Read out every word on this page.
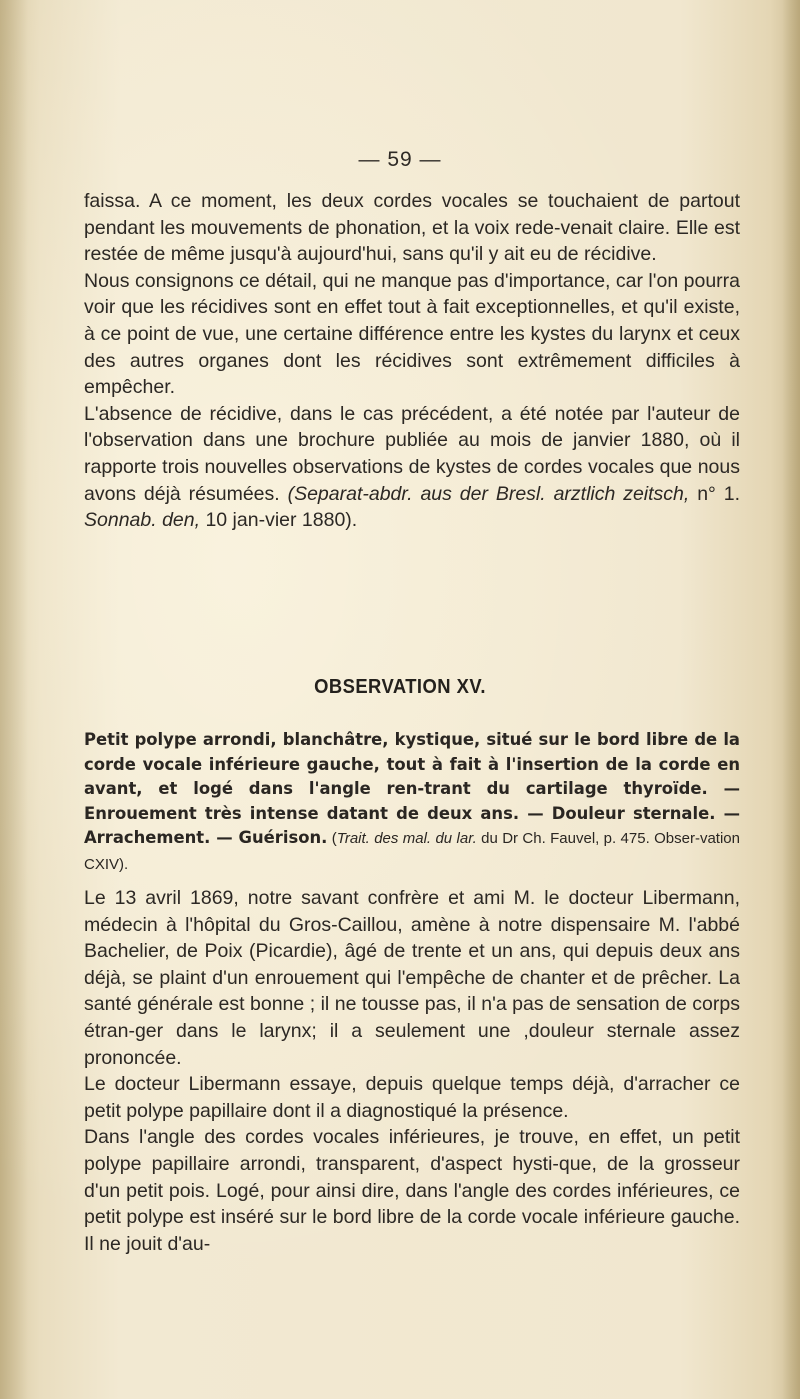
— 59 —

faissa. A ce moment, les deux cordes vocales se touchaient de partout pendant les mouvements de phonation, et la voix rede-venait claire. Elle est restée de même jusqu'à aujourd'hui, sans qu'il y ait eu de récidive.

Nous consignons ce détail, qui ne manque pas d'importance, car l'on pourra voir que les récidives sont en effet tout à fait exceptionnelles, et qu'il existe, à ce point de vue, une certaine différence entre les kystes du larynx et ceux des autres organes dont les récidives sont extrêmement difficiles à empêcher.

L'absence de récidive, dans le cas précédent, a été notée par l'auteur de l'observation dans une brochure publiée au mois de janvier 1880, où il rapporte trois nouvelles observations de kystes de cordes vocales que nous avons déjà résumées. (Separat-abdr. aus der Bresl. arztlich zeitsch, n° 1. Sonnab. den, 10 jan-vier 1880).

OBSERVATION XV.
Petit polype arrondi, blanchâtre, kystique, situé sur le bord libre de la corde vocale inférieure gauche, tout à fait à l'insertion de la corde en avant, et logé dans l'angle ren-trant du cartilage thyroïde. — Enrouement très intense datant de deux ans. — Douleur sternale. — Arrachement. — Guérison. (Trait. des mal. du lar. du Dr Ch. Fauvel, p. 475. Obser-vation CXIV).

Le 13 avril 1869, notre savant confrère et ami M. le docteur Libermann, médecin à l'hôpital du Gros-Caillou, amène à notre dispensaire M. l'abbé Bachelier, de Poix (Picardie), âgé de trente et un ans, qui depuis deux ans déjà, se plaint d'un enrouement qui l'empêche de chanter et de prêcher. La santé générale est bonne ; il ne tousse pas, il n'a pas de sensation de corps étran-ger dans le larynx; il a seulement une ,douleur sternale assez prononcée.

Le docteur Libermann essaye, depuis quelque temps déjà, d'arracher ce petit polype papillaire dont il a diagnostiqué la présence.

Dans l'angle des cordes vocales inférieures, je trouve, en effet, un petit polype papillaire arrondi, transparent, d'aspect hysti-que, de la grosseur d'un petit pois. Logé, pour ainsi dire, dans l'angle des cordes inférieures, ce petit polype est inséré sur le bord libre de la corde vocale inférieure gauche. Il ne jouit d'au-
